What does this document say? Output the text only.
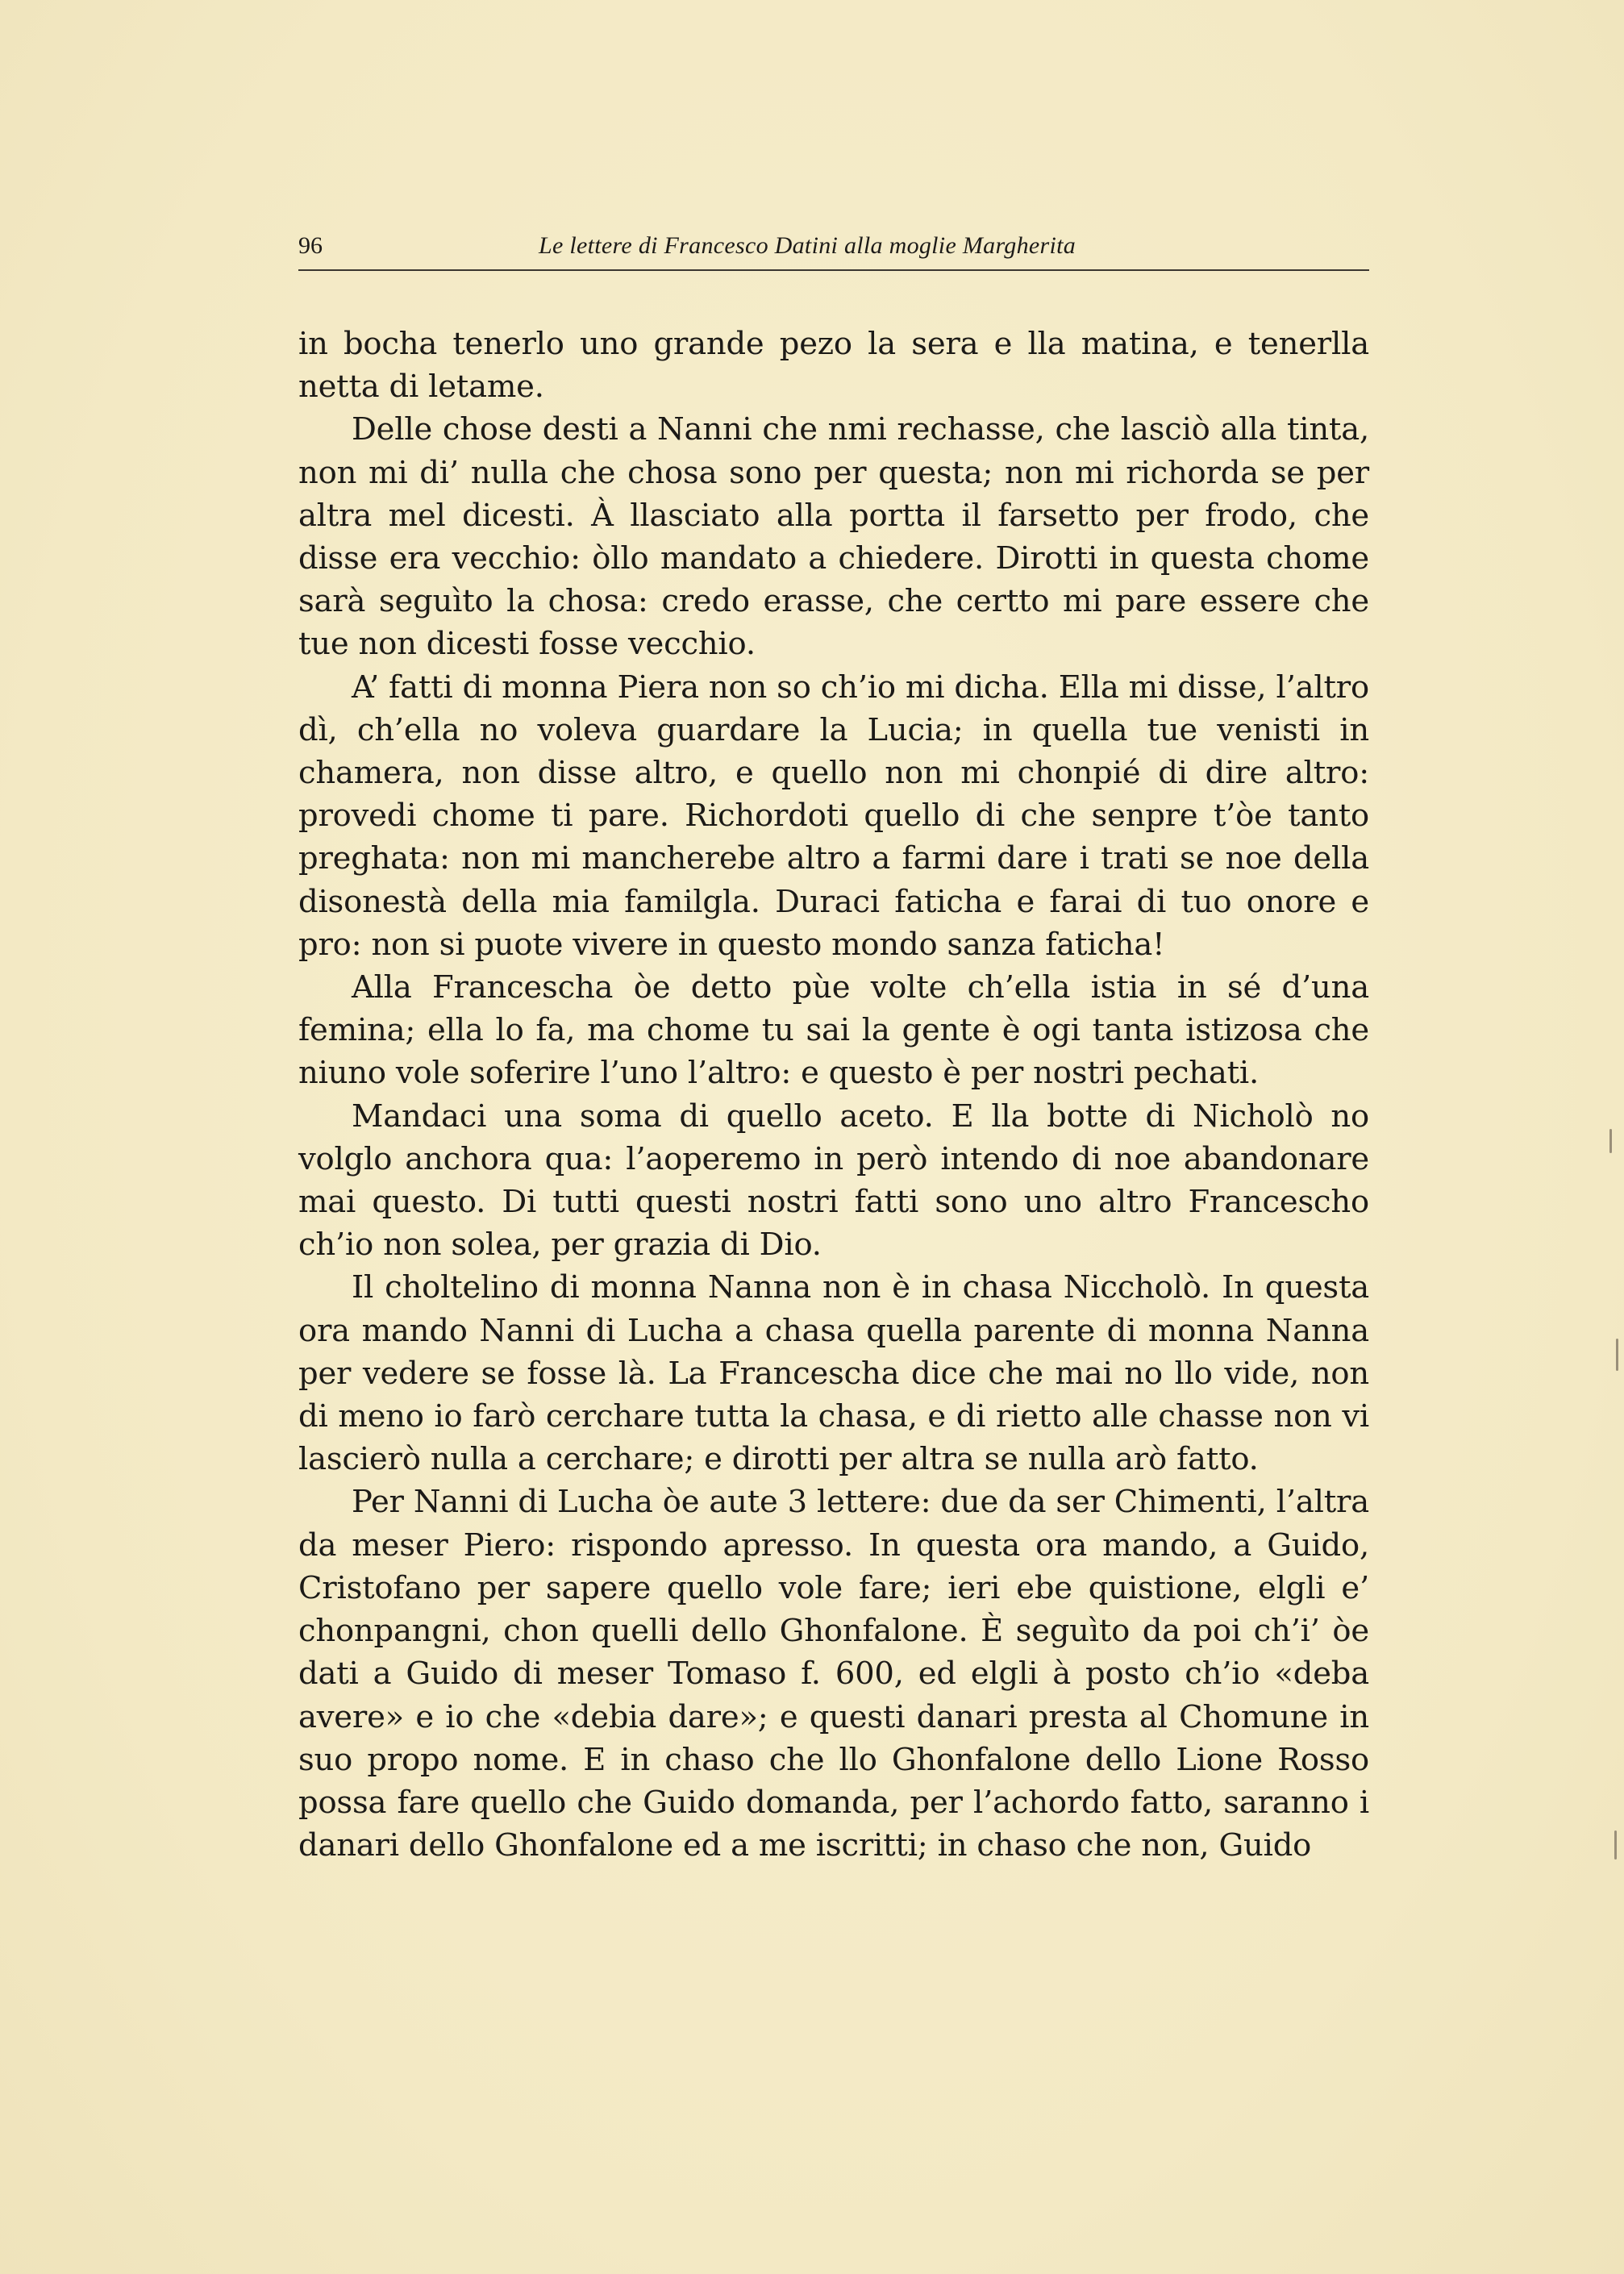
96	Le lettere di Francesco Datini alla moglie Margherita

in bocha tenerlo uno grande pezo la sera e lla matina, e tenerlla netta di letame.

Delle chose desti a Nanni che nmi rechasse, che lasciò alla tinta, non mi di’ nulla che chosa sono per questa; non mi richorda se per altra mel dicesti. À llasciato alla portta il farsetto per frodo, che disse era vecchio: òllo mandato a chiedere. Dirotti in questa chome sarà seguìto la chosa: credo erasse, che certto mi pare essere che tue non dicesti fosse vecchio.

A’ fatti di monna Piera non so ch’io mi dicha. Ella mi disse, l’altro dì, ch’ella no voleva guardare la Lucia; in quella tue venisti in chamera, non disse altro, e quello non mi chonpié di dire altro: provedi chome ti pare. Richordoti quello di che senpre t’òe tanto preghata: non mi mancherebe altro a farmi dare i trati se noe della disonestà della mia familgla. Duraci faticha e farai di tuo onore e pro: non si puote vivere in questo mondo sanza faticha!

Alla Francescha òe detto pùe volte ch’ella istia in sé d’una femina; ella lo fa, ma chome tu sai la gente è ogi tanta istizosa che niuno vole soferire l’uno l’altro: e questo è per nostri pechati.

Mandaci una soma di quello aceto. E lla botte di Nicholò no volglo anchora qua: l’aoperemo in però intendo di noe abandonare mai questo. Di tutti questi nostri fatti sono uno altro Franceschо ch’io non solea, per grazia di Dio.

Il choltelino di monna Nanna non è in chasa Nicchоlò. In questa ora mando Nanni di Lucha a chasa quella parente di monna Nanna per vedere se fosse là. La Francescha dice che mai no llo vide, non di meno io farò cerchare tutta la chasa, e di rietto alle chasse non vi lascierò nulla a cerchare; e dirotti per altra se nulla arò fatto.

Per Nanni di Lucha òe aute 3 lettere: due da ser Chimenti, l’altra da meser Piero: rispondo apresso. In questa ora mando, a Guido, Cristofano per sapere quello vole fare; ieri ebe quistione, elgli e’ chonpangni, chon quelli dello Ghonfalone. È seguìto da poi ch’i’ òe dati a Guido di meser Tomaso f. 600, ed elgli à posto ch’io «deba avere» e io che «debia dare»; e questi danari presta al Chomune in suo propo nome. E in chaso che llo Ghonfalone dello Lione Rosso possa fare quello che Guido domanda, per l’achordo fatto, saranno i danari dello Ghonfalone ed a me iscritti; in chaso che non, Guido
